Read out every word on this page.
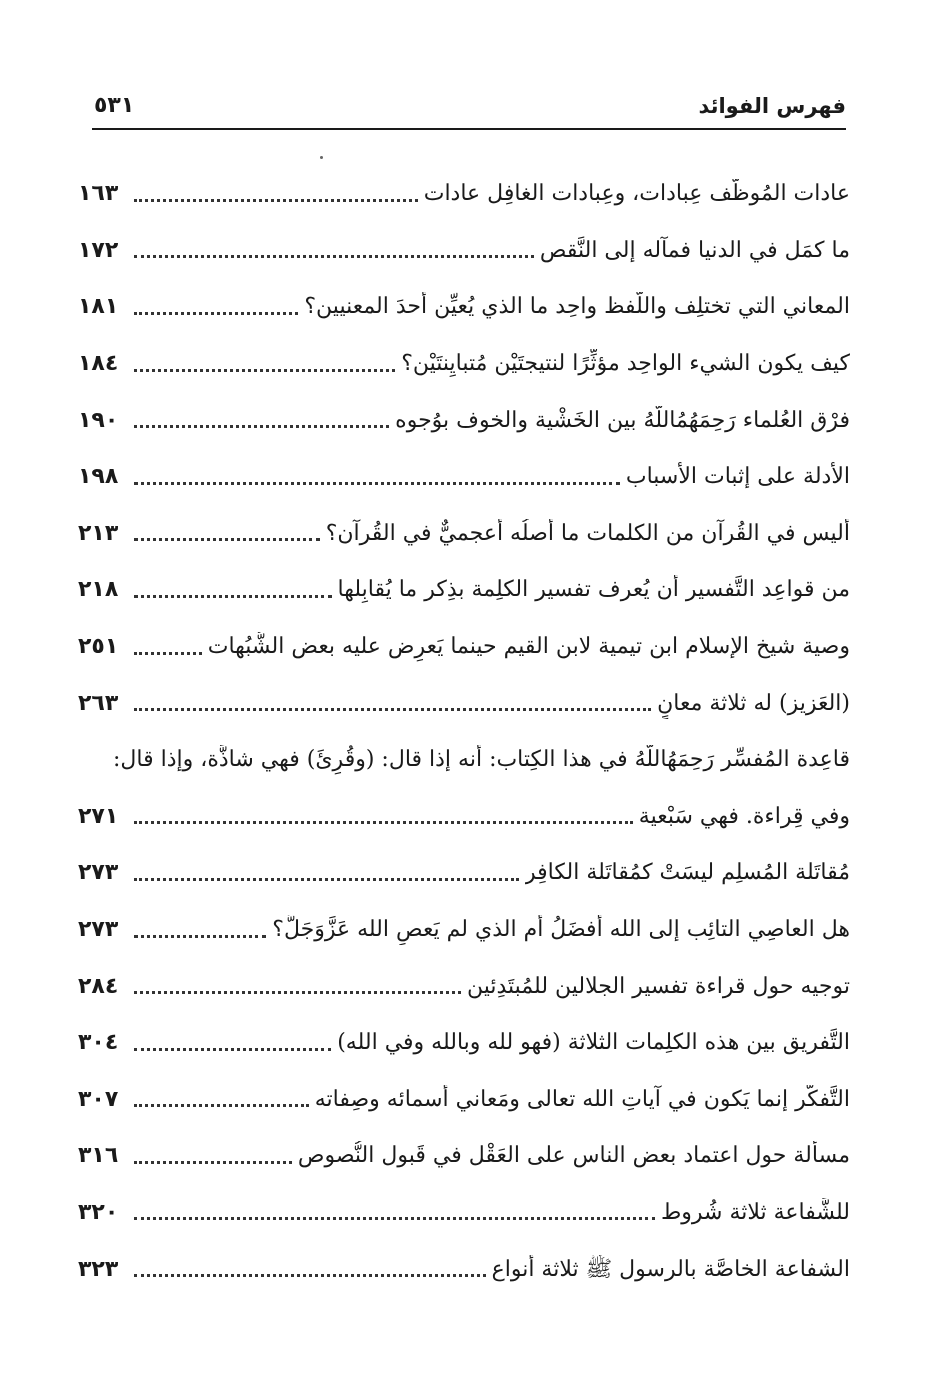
٥٣١	فهرس الفوائد
عادات المُوظَّف عِبادات، وعِبادات الغافِل عادات
١٦٣
ما كمَل في الدنيا فمآله إلى النَّقص
١٧٢
المعاني التي تختلِف واللَّفظ واحِد ما الذي يُعيِّن أحدَ المعنيين؟
١٨١
كيف يكون الشيء الواحِد مؤثِّرًا لنتيجتَيْن مُتبايِنتَيْن؟
١٨٤
فرْق العُلماء رَحِمَهُمُاللَّهُ بين الخَشْية والخوف بوُجوه
١٩٠
الأدلة على إثبات الأسباب
١٩٨
أليس في القُرآن من الكلمات ما أصلُه أعجميٌّ في القُرآن؟
٢١٣
من قواعِد التَّفسير أن يُعرف تفسير الكلِمة بذِكر ما يُقابِلها
٢١٨
وصية شيخ الإسلام ابن تيمية لابن القيم حينما يَعرِض عليه بعض الشُّبُهات
٢٥١
(العَزيز) له ثلاثة معانٍ
٢٦٣
قاعِدة المُفسِّر رَحِمَهُاللَّهُ في هذا الكِتاب: أنه إذا قال: (وقُرِئَ) فهي شاذَّة، وإذا قال:
وفي قِراءة. فهي سَبْعية
٢٧١
مُقاتَلة المُسلِم ليسَتْ كمُقاتَلة الكافِر
٢٧٣
هل العاصِي التائِب إلى الله أفضَلُ أم الذي لم يَعصِ الله عَزَّوَجَلَّ؟
٢٧٣
توجيه حول قراءة تفسير الجلالين للمُبتَدِئين
٢٨٤
التَّفريق بين هذه الكلِمات الثلاثة (فهو لله وبالله وفي الله)
٣٠٤
التَّفكُّر إنما يَكون في آياتِ الله تعالى ومَعاني أسمائه وصِفاته
٣٠٧
مسألة حول اعتماد بعض الناس على العَقْل في قَبول النُّصوص
٣١٦
للشَّفاعة ثلاثة شُروط
٣٢٠
الشفاعة الخاصَّة بالرسول ﷺ ثلاثة أنواع
٣٢٣
